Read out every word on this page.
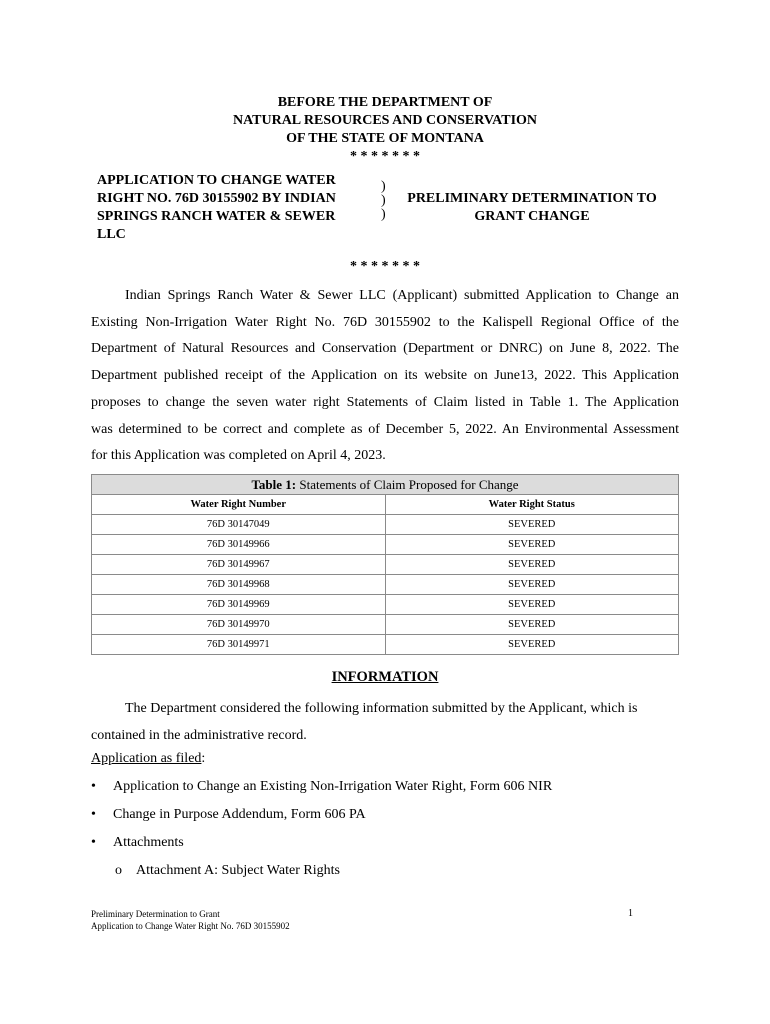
BEFORE THE DEPARTMENT OF
NATURAL RESOURCES AND CONSERVATION
OF THE STATE OF MONTANA
* * * * * * *
APPLICATION TO CHANGE WATER
RIGHT NO. 76D 30155902 BY INDIAN
SPRINGS RANCH WATER & SEWER
LLC
)
)
)
PRELIMINARY DETERMINATION TO
GRANT CHANGE
* * * * * * *
Indian Springs Ranch Water & Sewer LLC (Applicant) submitted Application to Change an
Existing Non-Irrigation Water Right No. 76D 30155902 to the Kalispell Regional Office of the
Department of Natural Resources and Conservation (Department or DNRC) on June 8, 2022. The
Department published receipt of the Application on its website on June13, 2022. This Application
proposes to change the seven water right Statements of Claim listed in Table 1. The Application
was determined to be correct and complete as of December 5, 2022. An Environmental Assessment
for this Application was completed on April 4, 2023.
Table 1: Statements of Claim Proposed for Change	
Water Right Number	Water Right Status
76D 30147049	SEVERED
76D 30149966	SEVERED
76D 30149967	SEVERED
76D 30149968	SEVERED
76D 30149969	SEVERED
76D 30149970	SEVERED
76D 30149971	SEVERED
INFORMATION
The Department considered the following information submitted by the Applicant, which is
contained in the administrative record.
Application as filed:
•	Application to Change an Existing Non-Irrigation Water Right, Form 606 NIR
•	Change in Purpose Addendum, Form 606 PA
•	Attachments
o Attachment A: Subject Water Rights
Preliminary Determination to Grant
Application to Change Water Right No. 76D 30155902
1
